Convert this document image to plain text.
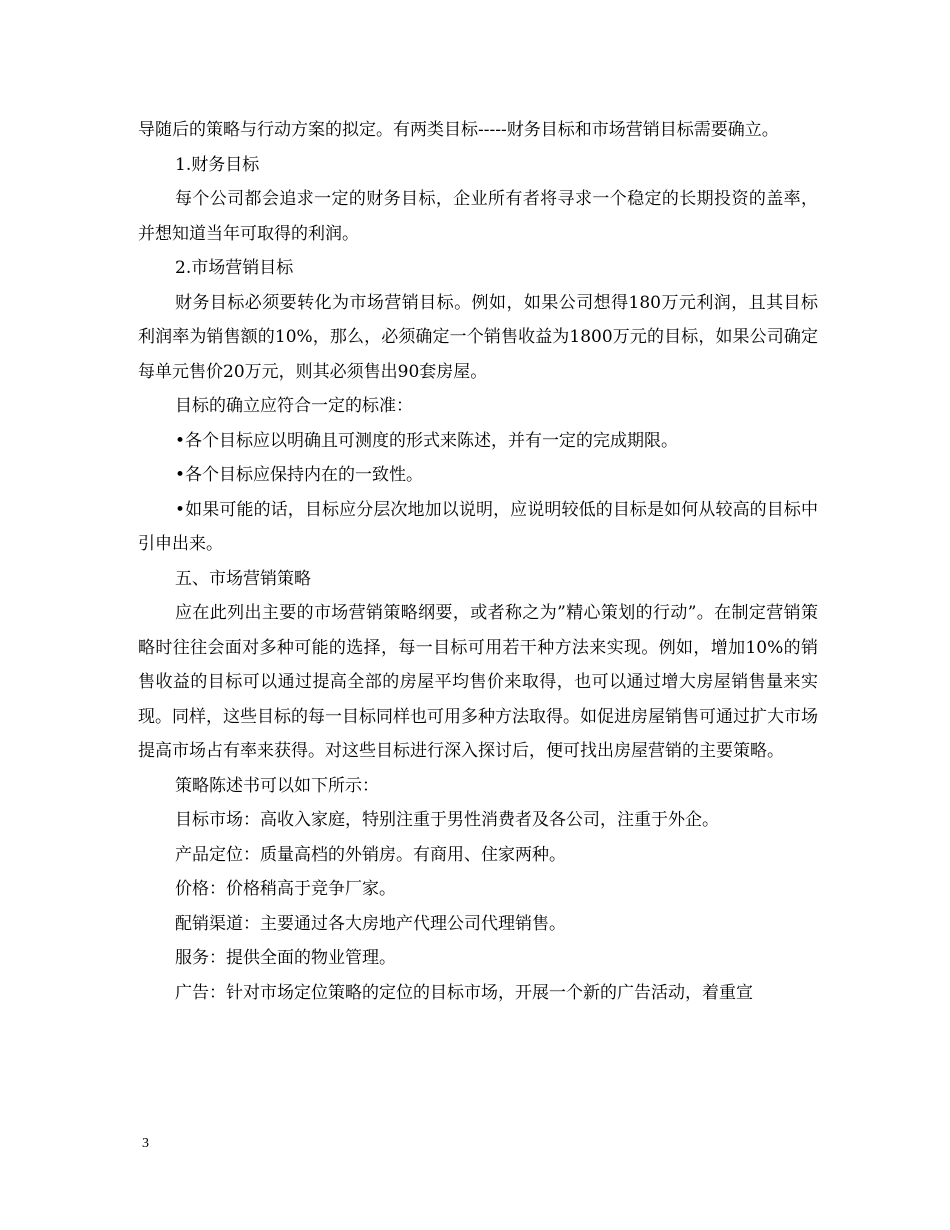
导随后的策略与行动方案的拟定。有两类目标-----财务目标和市场营销目标需要确立。

1.财务目标

每个公司都会追求一定的财务目标，企业所有者将寻求一个稳定的长期投资的盖率，并想知道当年可取得的利润。

2.市场营销目标

财务目标必须要转化为市场营销目标。例如，如果公司想得180万元利润，且其目标利润率为销售额的10%，那么，必须确定一个销售收益为1800万元的目标，如果公司确定每单元售价20万元，则其必须售出90套房屋。

目标的确立应符合一定的标准：

•各个目标应以明确且可测度的形式来陈述，并有一定的完成期限。

•各个目标应保持内在的一致性。

•如果可能的话，目标应分层次地加以说明，应说明较低的目标是如何从较高的目标中引申出来。

五、市场营销策略

应在此列出主要的市场营销策略纲要，或者称之为”精心策划的行动”。在制定营销策略时往往会面对多种可能的选择，每一目标可用若干种方法来实现。例如，增加10%的销售收益的目标可以通过提高全部的房屋平均售价来取得，也可以通过增大房屋销售量来实现。同样，这些目标的每一目标同样也可用多种方法取得。如促进房屋销售可通过扩大市场提高市场占有率来获得。对这些目标进行深入探讨后，便可找出房屋营销的主要策略。

策略陈述书可以如下所示：

目标市场：高收入家庭，特别注重于男性消费者及各公司，注重于外企。

产品定位：质量高档的外销房。有商用、住家两种。

价格：价格稍高于竞争厂家。

配销渠道：主要通过各大房地产代理公司代理销售。

服务：提供全面的物业管理。

广告：针对市场定位策略的定位的目标市场，开展一个新的广告活动，着重宣

3
